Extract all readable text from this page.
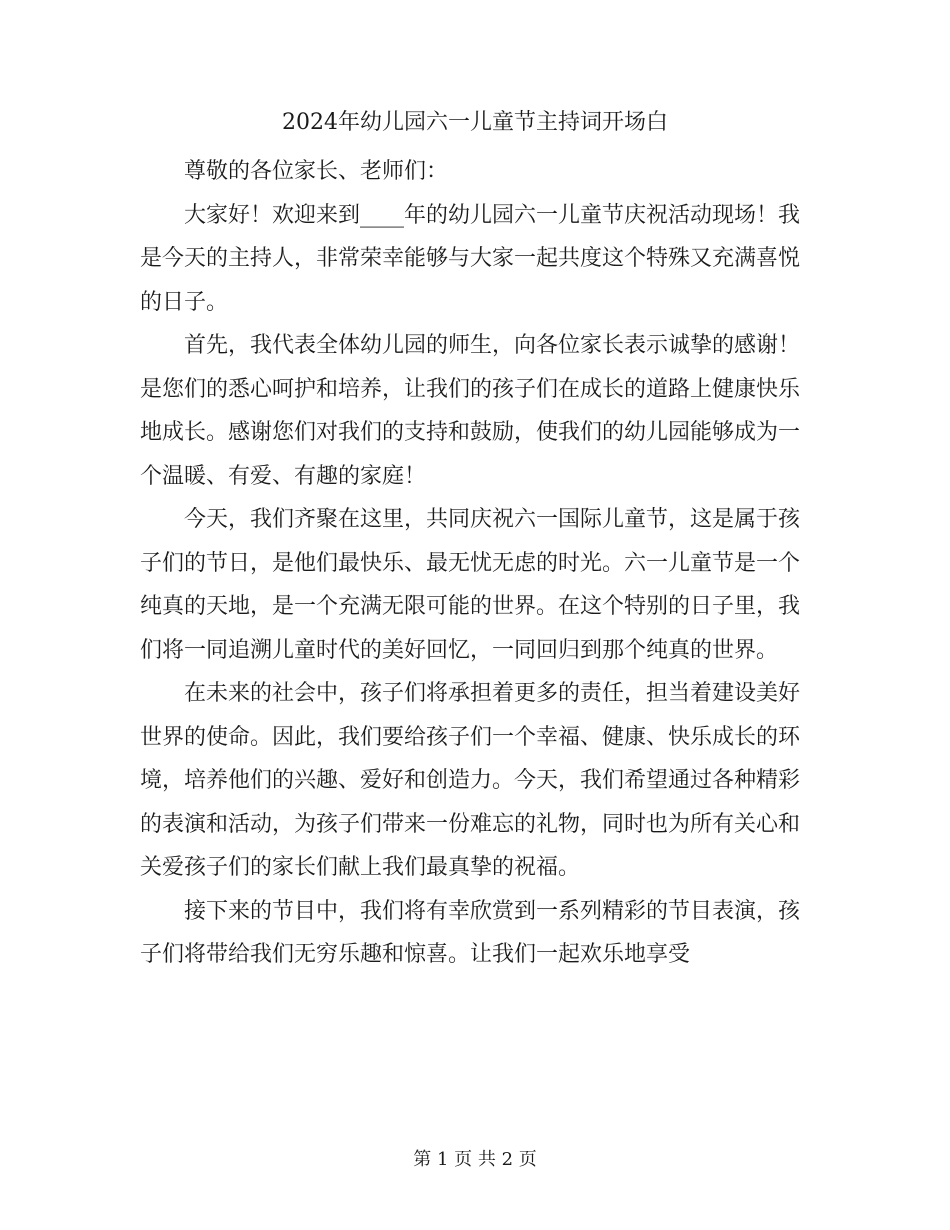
2024年幼儿园六一儿童节主持词开场白

尊敬的各位家长、老师们：

大家好！欢迎来到____年的幼儿园六一儿童节庆祝活动现场！我是今天的主持人，非常荣幸能够与大家一起共度这个特殊又充满喜悦的日子。

首先，我代表全体幼儿园的师生，向各位家长表示诚挚的感谢！是您们的悉心呵护和培养，让我们的孩子们在成长的道路上健康快乐地成长。感谢您们对我们的支持和鼓励，使我们的幼儿园能够成为一个温暖、有爱、有趣的家庭！

今天，我们齐聚在这里，共同庆祝六一国际儿童节，这是属于孩子们的节日，是他们最快乐、最无忧无虑的时光。六一儿童节是一个纯真的天地，是一个充满无限可能的世界。在这个特别的日子里，我们将一同追溯儿童时代的美好回忆，一同回归到那个纯真的世界。

在未来的社会中，孩子们将承担着更多的责任，担当着建设美好世界的使命。因此，我们要给孩子们一个幸福、健康、快乐成长的环境，培养他们的兴趣、爱好和创造力。今天，我们希望通过各种精彩的表演和活动，为孩子们带来一份难忘的礼物，同时也为所有关心和关爱孩子们的家长们献上我们最真挚的祝福。

接下来的节目中，我们将有幸欣赏到一系列精彩的节目表演，孩子们将带给我们无穷乐趣和惊喜。让我们一起欢乐地享受

第 1 页 共 2 页
